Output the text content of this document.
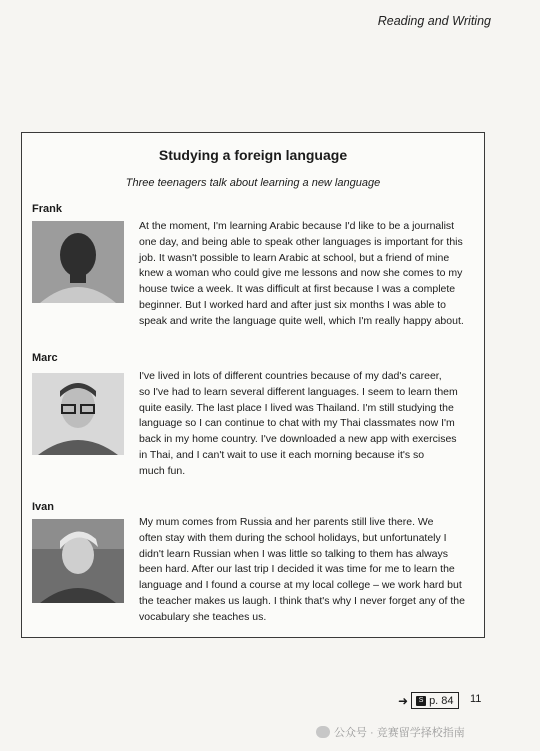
Reading and Writing
Studying a foreign language
Three teenagers talk about learning a new language
Frank

At the moment, I'm learning Arabic because I'd like to be a journalist
one day, and being able to speak other languages is important for this
job. It wasn't possible to learn Arabic at school, but a friend of mine
knew a woman who could give me lessons and now she comes to my
house twice a week. It was difficult at first because I was a complete
beginner. But I worked hard and after just six months I was able to
speak and write the language quite well, which I'm really happy about.

Marc

I've lived in lots of different countries because of my dad's career,
so I've had to learn several different languages. I seem to learn them
quite easily. The last place I lived was Thailand. I'm still studying the
language so I can continue to chat with my Thai classmates now I'm
back in my home country. I've downloaded a new app with exercises
in Thai, and I can't wait to use it each morning because it's so
much fun.

Ivan

My mum comes from Russia and her parents still live there. We
often stay with them during the school holidays, but unfortunately I
didn't learn Russian when I was little so talking to them has always
been hard. After our last trip I decided it was time for me to learn the
language and I found a course at my local college – we work hard but
the teacher makes us laugh. I think that's why I never forget any of the
vocabulary she teaches us.

➜	S p. 84 11
公众号 · 竞赛留学择校指南
